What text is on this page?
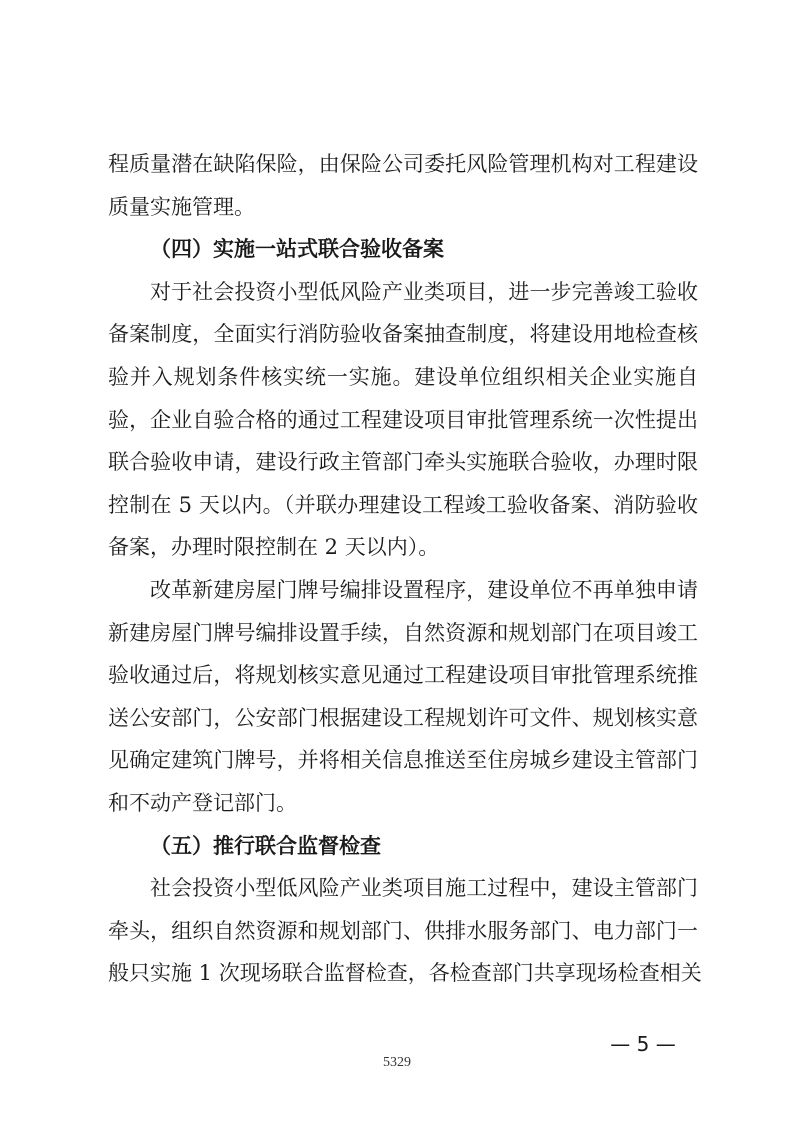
程质量潜在缺陷保险，由保险公司委托风险管理机构对工程建设
质量实施管理。
（四）实施一站式联合验收备案
对于社会投资小型低风险产业类项目，进一步完善竣工验收
备案制度，全面实行消防验收备案抽查制度，将建设用地检查核
验并入规划条件核实统一实施。建设单位组织相关企业实施自
验，企业自验合格的通过工程建设项目审批管理系统一次性提出
联合验收申请，建设行政主管部门牵头实施联合验收，办理时限
控制在 5 天以内。（并联办理建设工程竣工验收备案、消防验收
备案，办理时限控制在 2 天以内）。
改革新建房屋门牌号编排设置程序，建设单位不再单独申请
新建房屋门牌号编排设置手续，自然资源和规划部门在项目竣工
验收通过后，将规划核实意见通过工程建设项目审批管理系统推
送公安部门，公安部门根据建设工程规划许可文件、规划核实意
见确定建筑门牌号，并将相关信息推送至住房城乡建设主管部门
和不动产登记部门。
（五）推行联合监督检查
社会投资小型低风险产业类项目施工过程中，建设主管部门
牵头，组织自然资源和规划部门、供排水服务部门、电力部门一
般只实施 1 次现场联合监督检查，各检查部门共享现场检查相关
— 5 —
5329
